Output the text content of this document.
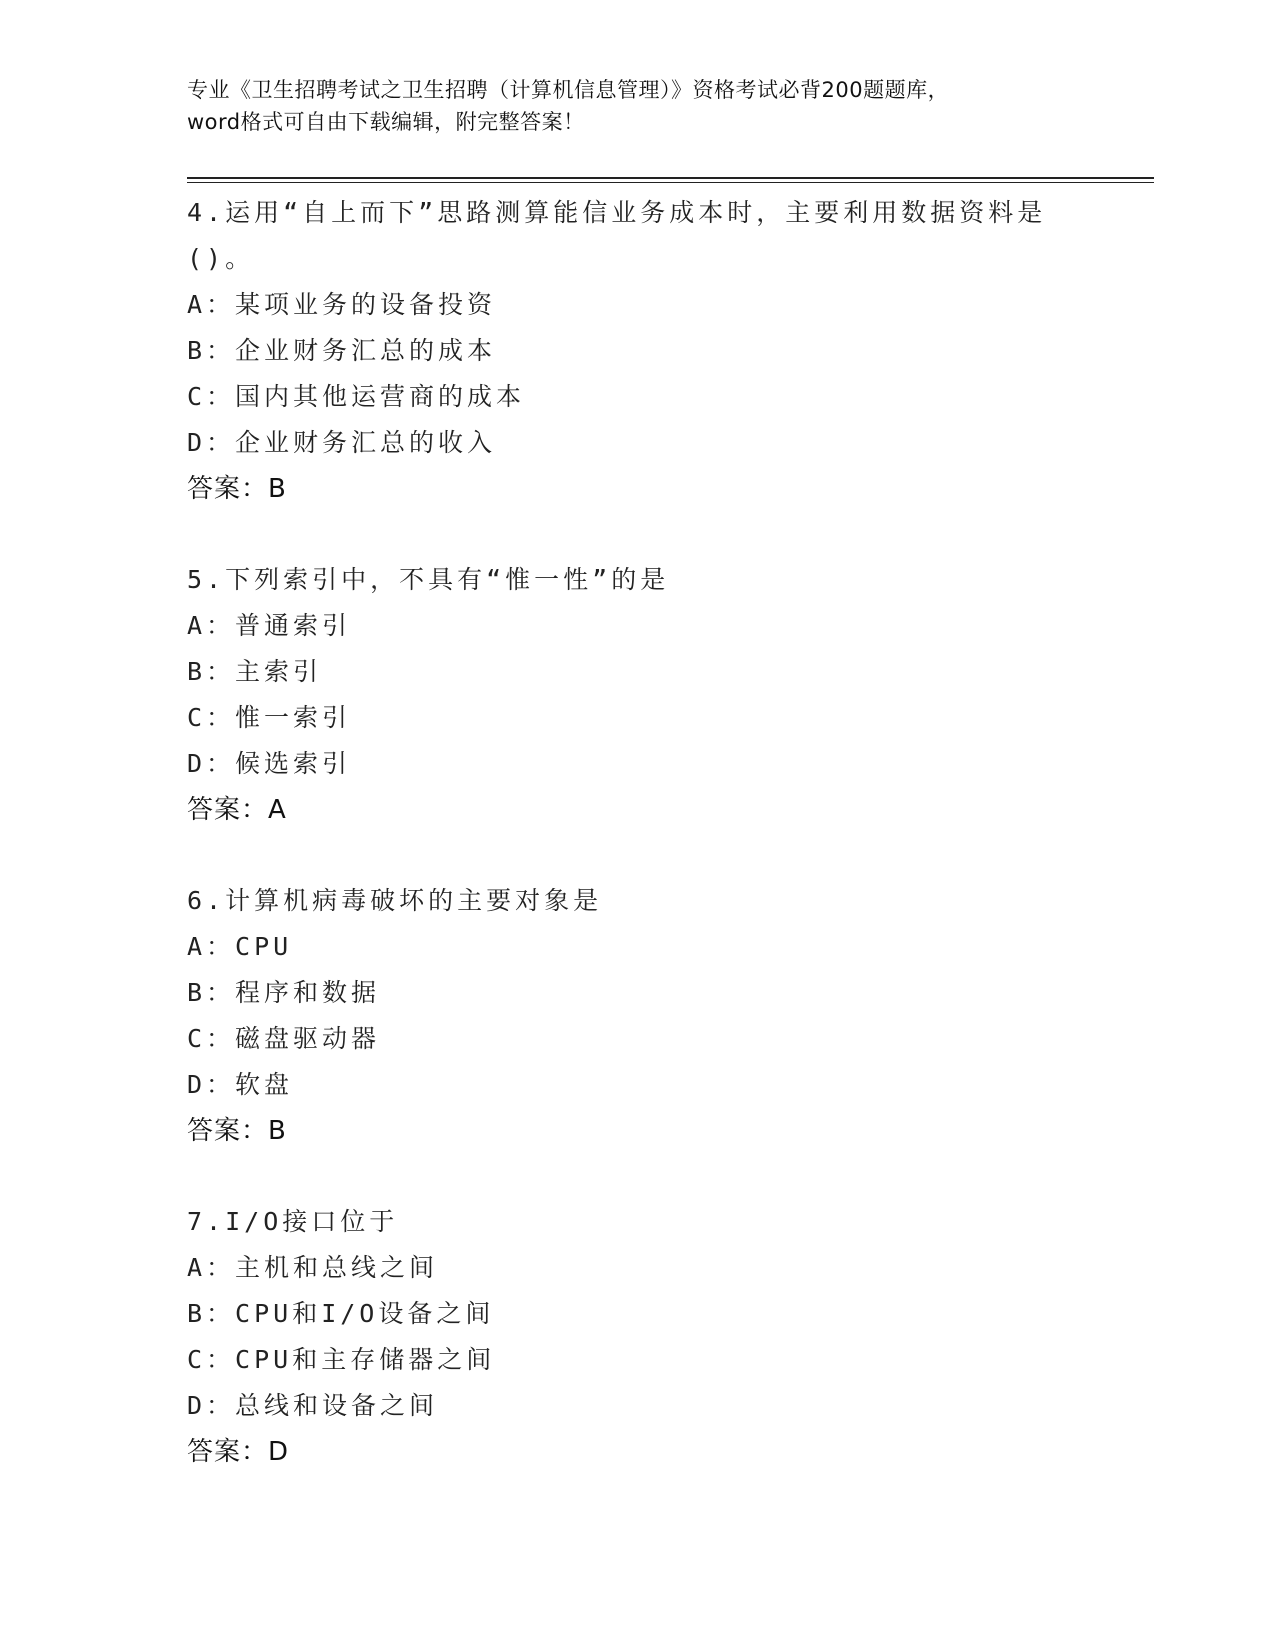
专业《卫生招聘考试之卫生招聘（计算机信息管理）》资格考试必背200题题库，
word格式可自由下载编辑，附完整答案！
4.运用“自上而下”思路测算能信业务成本时，主要利用数据资料是
()。
A：某项业务的设备投资
B：企业财务汇总的成本
C：国内其他运营商的成本
D：企业财务汇总的收入
答案：B
5.下列索引中，不具有“惟一性”的是
A：普通索引
B：主索引
C：惟一索引
D：候选索引
答案：A
6.计算机病毒破坏的主要对象是
A：CPU
B：程序和数据
C：磁盘驱动器
D：软盘
答案：B
7.I/O接口位于
A：主机和总线之间
B：CPU和I/O设备之间
C：CPU和主存储器之间
D：总线和设备之间
答案：D
